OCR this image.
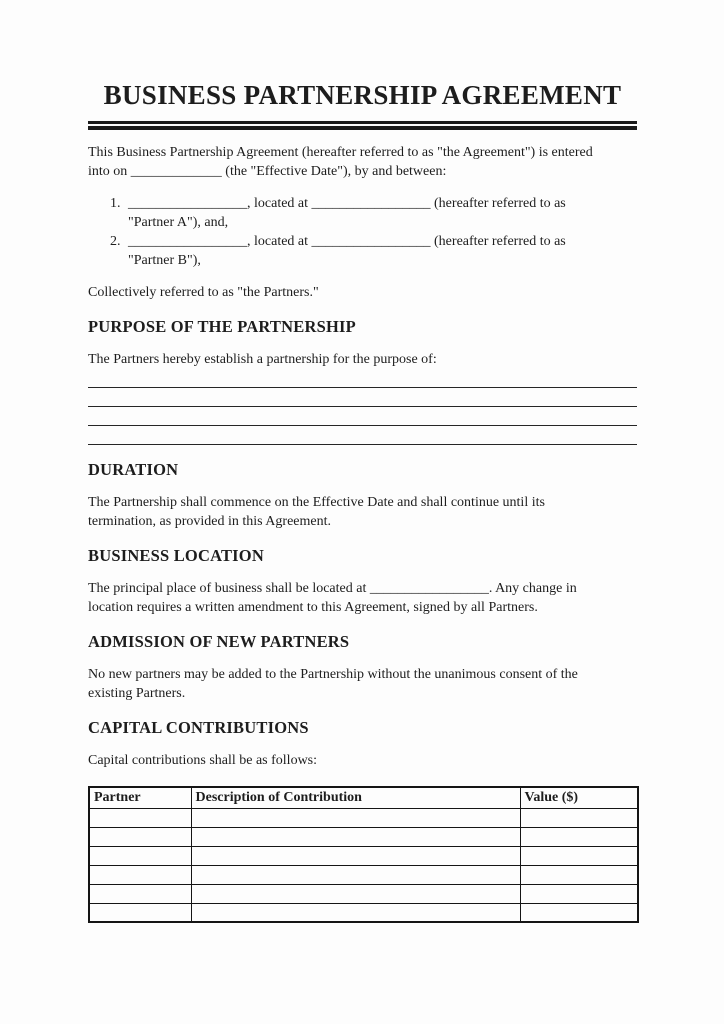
BUSINESS PARTNERSHIP AGREEMENT

This Business Partnership Agreement (hereafter referred to as "the Agreement") is entered
into on _____________ (the "Effective Date"), by and between:

1. _________________, located at _________________ (hereafter referred to as
"Partner A"), and,
2. _________________, located at _________________ (hereafter referred to as
"Partner B"),

Collectively referred to as "the Partners."

PURPOSE OF THE PARTNERSHIP

The Partners hereby establish a partnership for the purpose of:

DURATION

The Partnership shall commence on the Effective Date and shall continue until its
termination, as provided in this Agreement.

BUSINESS LOCATION

The principal place of business shall be located at _________________. Any change in
location requires a written amendment to this Agreement, signed by all Partners.

ADMISSION OF NEW PARTNERS

No new partners may be added to the Partnership without the unanimous consent of the
existing Partners.

CAPITAL CONTRIBUTIONS

Capital contributions shall be as follows:

Partner	Description of Contribution	Value ($)
